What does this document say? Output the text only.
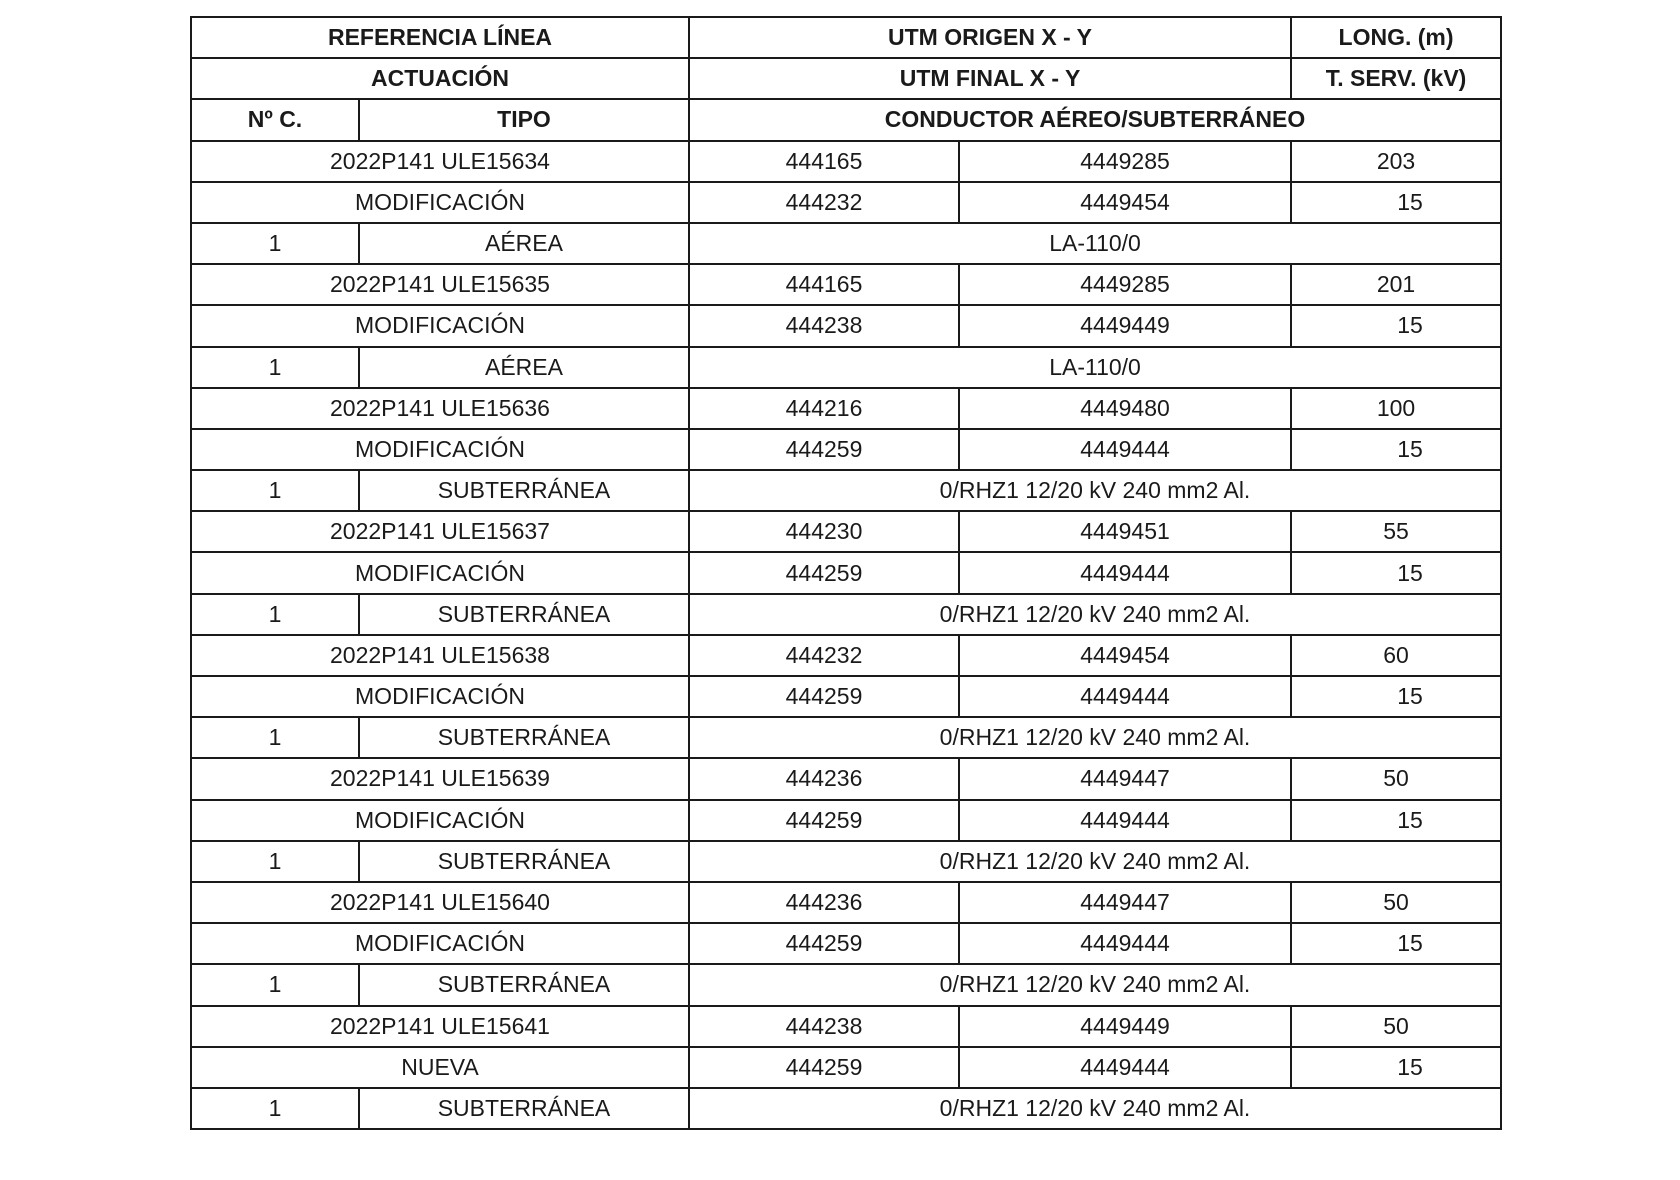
REFERENCIA LÍNEA		UTM ORIGEN X - Y		LONG. (m)
ACTUACIÓN		UTM FINAL X - Y		T. SERV. (kV)
Nº C.	TIPO	CONDUCTOR AÉREO/SUBTERRÁNEO		
2022P141 ULE15634		444165	4449285	203
MODIFICACIÓN		444232	4449454	15
1	AÉREA	LA-110/0		
2022P141 ULE15635		444165	4449285	201
MODIFICACIÓN		444238	4449449	15
1	AÉREA	LA-110/0		
2022P141 ULE15636		444216	4449480	100
MODIFICACIÓN		444259	4449444	15
1	SUBTERRÁNEA	0/RHZ1 12/20 kV 240 mm2 Al.		
2022P141 ULE15637		444230	4449451	55
MODIFICACIÓN		444259	4449444	15
1	SUBTERRÁNEA	0/RHZ1 12/20 kV 240 mm2 Al.		
2022P141 ULE15638		444232	4449454	60
MODIFICACIÓN		444259	4449444	15
1	SUBTERRÁNEA	0/RHZ1 12/20 kV 240 mm2 Al.		
2022P141 ULE15639		444236	4449447	50
MODIFICACIÓN		444259	4449444	15
1	SUBTERRÁNEA	0/RHZ1 12/20 kV 240 mm2 Al.		
2022P141 ULE15640		444236	4449447	50
MODIFICACIÓN		444259	4449444	15
1	SUBTERRÁNEA	0/RHZ1 12/20 kV 240 mm2 Al.		
2022P141 ULE15641		444238	4449449	50
NUEVA		444259	4449444	15
1	SUBTERRÁNEA	0/RHZ1 12/20 kV 240 mm2 Al.		
